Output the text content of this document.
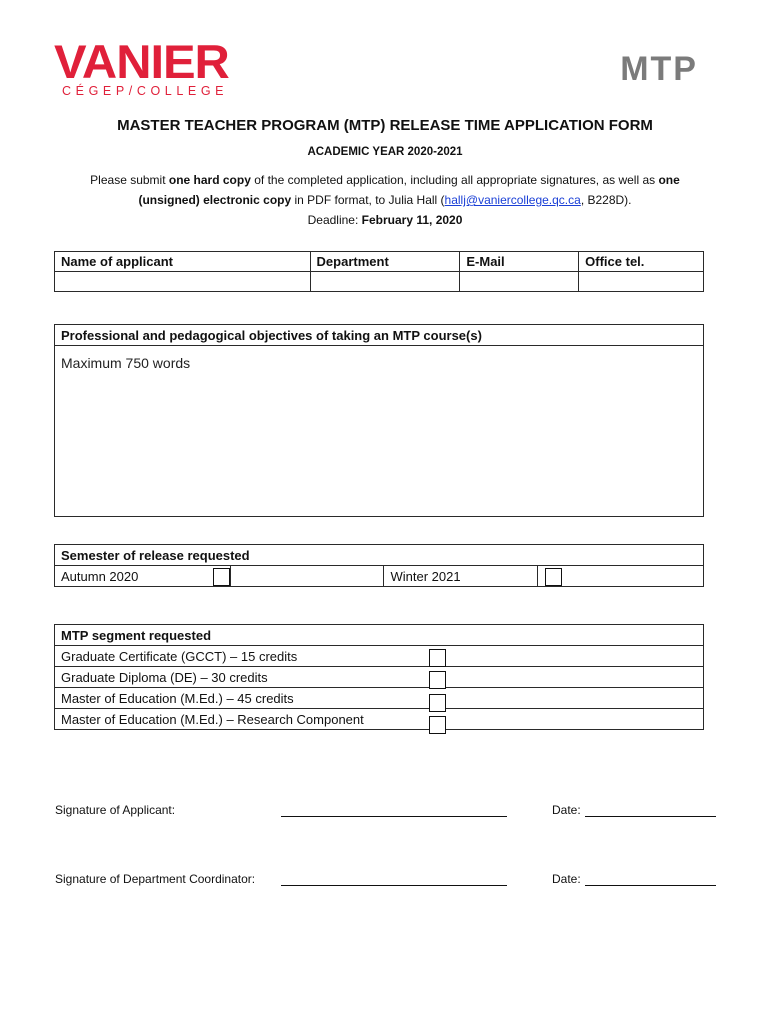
VANIER
CÉGEP/COLLEGE
MTP
MASTER TEACHER PROGRAM (MTP) RELEASE TIME APPLICATION FORM
ACADEMIC YEAR 2020-2021
Please submit one hard copy of the completed application, including all appropriate signatures, as well as one (unsigned) electronic copy in PDF format, to Julia Hall (hallj@vaniercollege.qc.ca, B228D).
Deadline: February 11, 2020
Name of applicant	Department	E-Mail	Office tel.

Professional and pedagogical objectives of taking an MTP course(s)
Maximum 750 words
Semester of release requested
Autumn 2020		Winter 2021	
MTP segment requested
Graduate Certificate (GCCT) – 15 credits
Graduate Diploma (DE) – 30 credits
Master of Education (M.Ed.) – 45 credits
Master of Education (M.Ed.) – Research Component
Signature of Applicant:	Date:
Signature of Department Coordinator:	Date:
